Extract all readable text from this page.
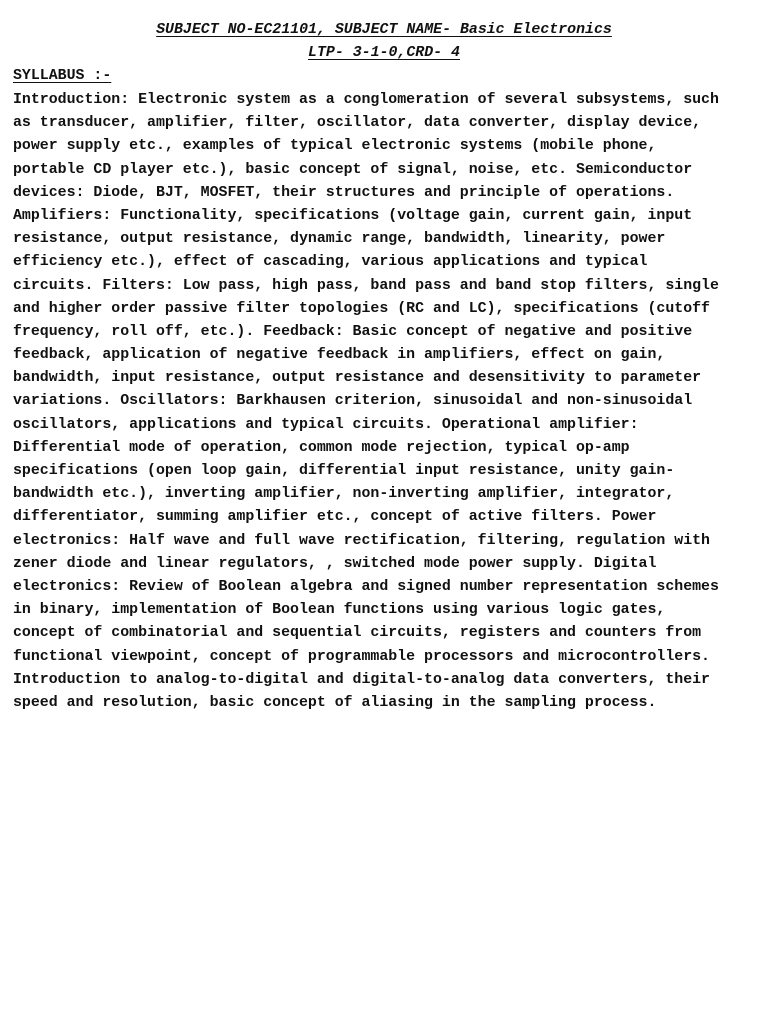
SUBJECT NO-EC21101, SUBJECT NAME- Basic Electronics
LTP- 3-1-0,CRD- 4
SYLLABUS :-
Introduction: Electronic system as a conglomeration of several subsystems, such
as transducer, amplifier, filter, oscillator, data converter, display device,
power supply etc., examples of typical electronic systems (mobile phone,
portable CD player etc.), basic concept of signal, noise, etc. Semiconductor
devices: Diode, BJT, MOSFET, their structures and principle of operations.
Amplifiers: Functionality, specifications (voltage gain, current gain, input
resistance, output resistance, dynamic range, bandwidth, linearity, power
efficiency etc.), effect of cascading, various applications and typical
circuits. Filters: Low pass, high pass, band pass and band stop filters, single
and higher order passive filter topologies (RC and LC), specifications (cutoff
frequency, roll off, etc.). Feedback: Basic concept of negative and positive
feedback, application of negative feedback in amplifiers, effect on gain,
bandwidth, input resistance, output resistance and desensitivity to parameter
variations. Oscillators: Barkhausen criterion, sinusoidal and non-sinusoidal
oscillators, applications and typical circuits. Operational amplifier:
Differential mode of operation, common mode rejection, typical op-amp
specifications (open loop gain, differential input resistance, unity gain-
bandwidth etc.), inverting amplifier, non-inverting amplifier, integrator,
differentiator, summing amplifier etc., concept of active filters. Power
electronics: Half wave and full wave rectification, filtering, regulation with
zener diode and linear regulators, , switched mode power supply. Digital
electronics: Review of Boolean algebra and signed number representation schemes
in binary, implementation of Boolean functions using various logic gates,
concept of combinatorial and sequential circuits, registers and counters from
functional viewpoint, concept of programmable processors and microcontrollers.
Introduction to analog-to-digital and digital-to-analog data converters, their
speed and resolution, basic concept of aliasing in the sampling process.
